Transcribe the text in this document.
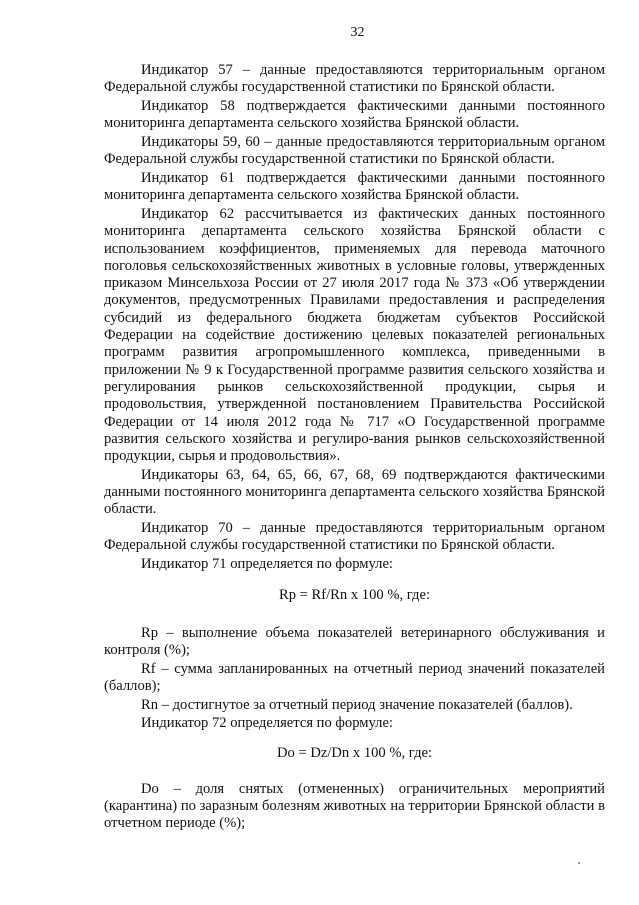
32

Индикатор 57 – данные предоставляются территориальным органом Федеральной службы государственной статистики по Брянской области.

Индикатор 58 подтверждается фактическими данными постоянного мониторинга департамента сельского хозяйства Брянской области.

Индикаторы 59, 60 – данные предоставляются территориальным органом Федеральной службы государственной статистики по Брянской области.

Индикатор 61 подтверждается фактическими данными постоянного мониторинга департамента сельского хозяйства Брянской области.

Индикатор 62 рассчитывается из фактических данных постоянного мониторинга департамента сельского хозяйства Брянской области с использованием коэффициентов, применяемых для перевода маточного поголовья сельскохозяйственных животных в условные головы, утвержденных приказом Минсельхоза России от 27 июля 2017 года № 373 «Об утверждении документов, предусмотренных Правилами предоставления и распределения субсидий из федерального бюджета бюджетам субъектов Российской Федерации на содействие достижению целевых показателей региональных программ развития агропромышленного комплекса, приведенными в приложении № 9 к Государственной программе развития сельского хозяйства и регулирования рынков сельскохозяйственной продукции, сырья и продовольствия, утвержденной постановлением Правительства Российской Федерации от 14 июля 2012 года № 717 «О Государственной программе развития сельского хозяйства и регулиро-вания рынков сельскохозяйственной продукции, сырья и продовольствия».

Индикаторы 63, 64, 65, 66, 67, 68, 69 подтверждаются фактическими данными постоянного мониторинга департамента сельского хозяйства Брянской области.

Индикатор 70 – данные предоставляются территориальным органом Федеральной службы государственной статистики по Брянской области.

Индикатор 71 определяется по формуле:

Rp = Rf/Rn x 100 %, где:

Rp – выполнение объема показателей ветеринарного обслуживания и контроля (%);

Rf – сумма запланированных на отчетный период значений показателей (баллов);

Rn – достигнутое за отчетный период значение показателей (баллов).

Индикатор 72 определяется по формуле:

Do = Dz/Dn x 100 %, где:

Do – доля снятых (отмененных) ограничительных мероприятий (карантина) по заразным болезням животных на территории Брянской области в отчетном периоде (%);
